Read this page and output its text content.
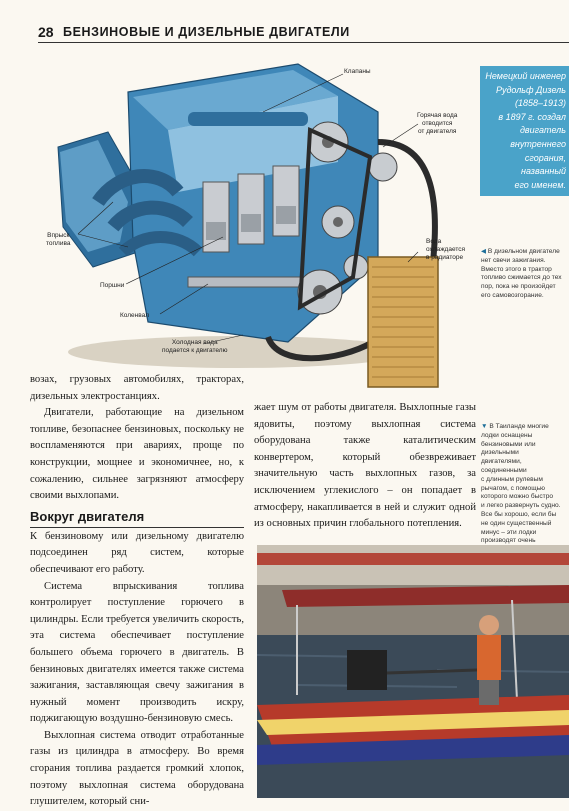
28 БЕНЗИНОВЫЕ И ДИЗЕЛЬНЫЕ ДВИГАТЕЛИ
Клапаны
Горячая вода
отводится
от двигателя
Впрыск
топлива	Вода
охлаждается
в радиаторе
Поршни
Коленвал
Холодная вода
подается к двигателю
Немецкий инженер
Рудольф Дизель
(1858–1913)
в 1897 г. создал
двигатель
внутреннего
сгорания, названный
его именем.
◀ В дизельном двигателе
нет свечи зажигания.
Вместо этого в трактор
топливо сжимается до тех
пор, пока не произойдет
его самовозгорание.
▼ В Таиланде многие
лодки оснащены
бензиновыми или дизельными
двигателями, соединенными
с длинным рулевым
рычагом, с помощью
которого можно быстро
и легко развернуть судно.
Все бы хорошо, если бы
не один существенный
минус – эти лодки
производят очень

возах, грузовых автомобилях, тракторах, дизельных электростанциях.

Двигатели, работающие на дизельном топливе, безопаснее бензиновых, поскольку не воспламеняются при авариях, проще по конструкции, мощнее и экономичнее, но, к сожалению, сильнее загрязняют атмосферу своими выхлопами.

Вокруг двигателя

К бензиновому или дизельному двигателю подсоединен ряд систем, которые обеспечивают его работу.

Система впрыскивания топлива контролирует поступление горючего в цилиндры. Если требуется увеличить скорость, эта система обеспечивает поступление большего объема горючего в двигатель. В бензиновых двигателях имеется также система зажигания, заставляющая свечу зажигания в нужный момент производить искру, поджигающую воздушно-бензиновую смесь.

Выхлопная система отводит отработанные газы из цилиндра в атмосферу. Во время сгорания топлива раздается громкий хлопок, поэтому выхлопная система оборудована глушителем, который сни-

жает шум от работы двигателя. Выхлопные газы ядовиты, поэтому выхлопная система оборудована также каталитическим конвертером, который обезвреживает значительную часть выхлопных газов, за исключением углекислого – он попадает в атмосферу, накапливается в ней и служит одной из основных причин глобального потепления.
